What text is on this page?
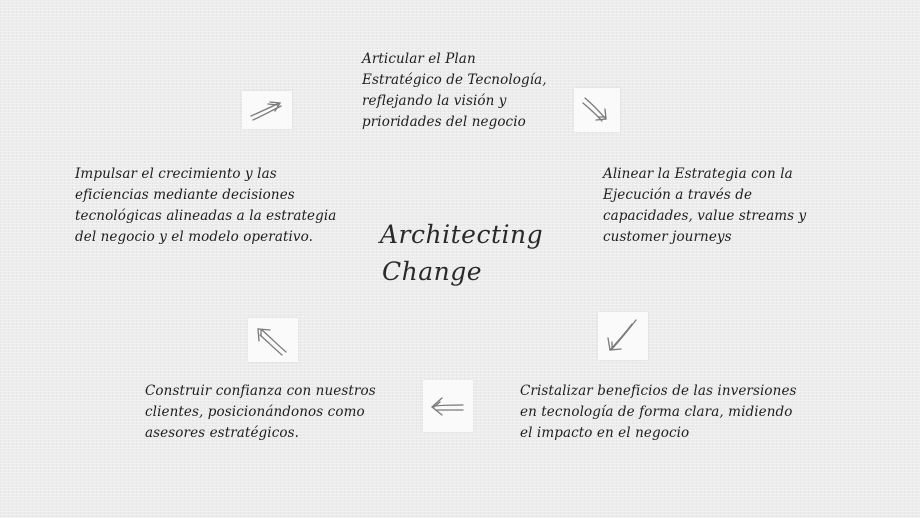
Architecting
Change

Articular el Plan
Estratégico de Tecnología,
reflejando la visión y
prioridades del negocio

Alinear la Estrategia con la
Ejecución a través de
capacidades, value streams y
customer journeys

Cristalizar beneficios de las inversiones
en tecnología de forma clara, midiendo
el impacto en el negocio

Construir confianza con nuestros
clientes, posicionándonos como
asesores estratégicos.

Impulsar el crecimiento y las
eficiencias mediante decisiones
tecnológicas alineadas a la estrategia
del negocio y el modelo operativo.
